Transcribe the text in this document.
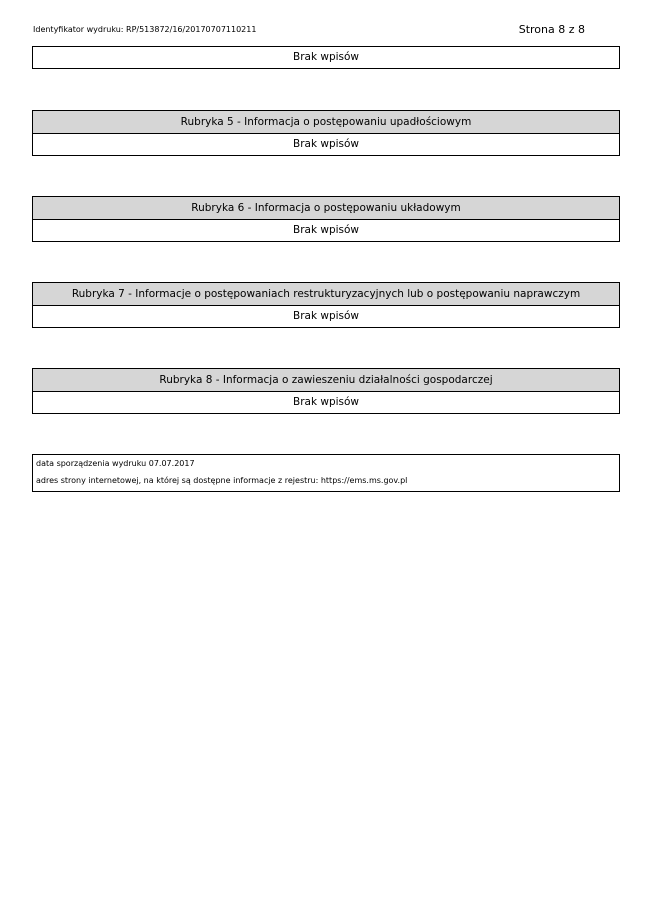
Identyfikator wydruku: RP/513872/16/20170707110211	Strona 8 z 8
Brak wpisów
Rubryka 5 - Informacja o postępowaniu upadłościowym
Brak wpisów
Rubryka 6 - Informacja o postępowaniu układowym
Brak wpisów
Rubryka 7 - Informacje o postępowaniach restrukturyzacyjnych lub o postępowaniu naprawczym
Brak wpisów
Rubryka 8 - Informacja o zawieszeniu działalności gospodarczej
Brak wpisów
data sporządzenia wydruku 07.07.2017
adres strony internetowej, na której są dostępne informacje z rejestru: https://ems.ms.gov.pl
